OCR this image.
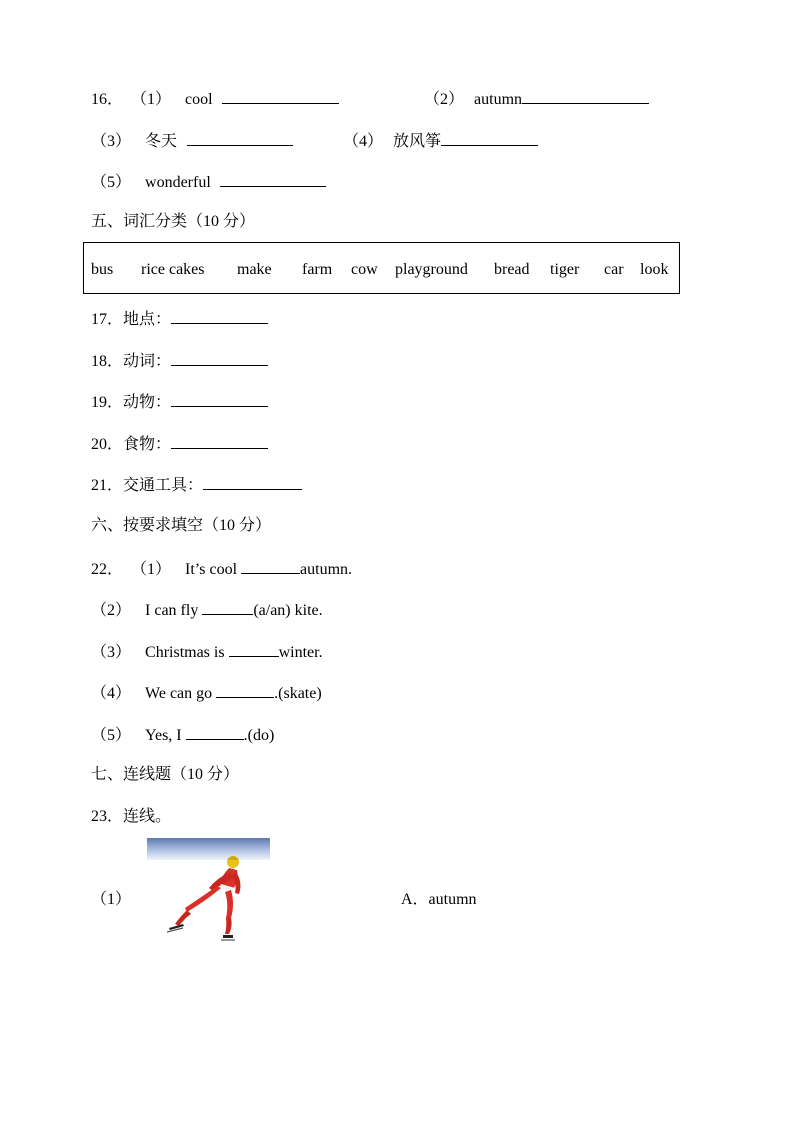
16． （1） cool	（2） autumn
（3） 冬天	（4） 放风筝
（5） wonderful
五、词汇分类（10 分）
bus rice cakes make farm cow playground bread tiger car look
17．地点：
18．动词：
19．动物：
20．食物：
21．交通工具：
六、按要求填空（10 分）
22． （1） It’s cool	autumn.
（2） I can fly	(a/an) kite.
（3） Christmas is	winter.
（4） We can go	.(skate)
（5） Yes, I	.(do)
七、连线题（10 分）
23．连线。
（1）	A．autumn
